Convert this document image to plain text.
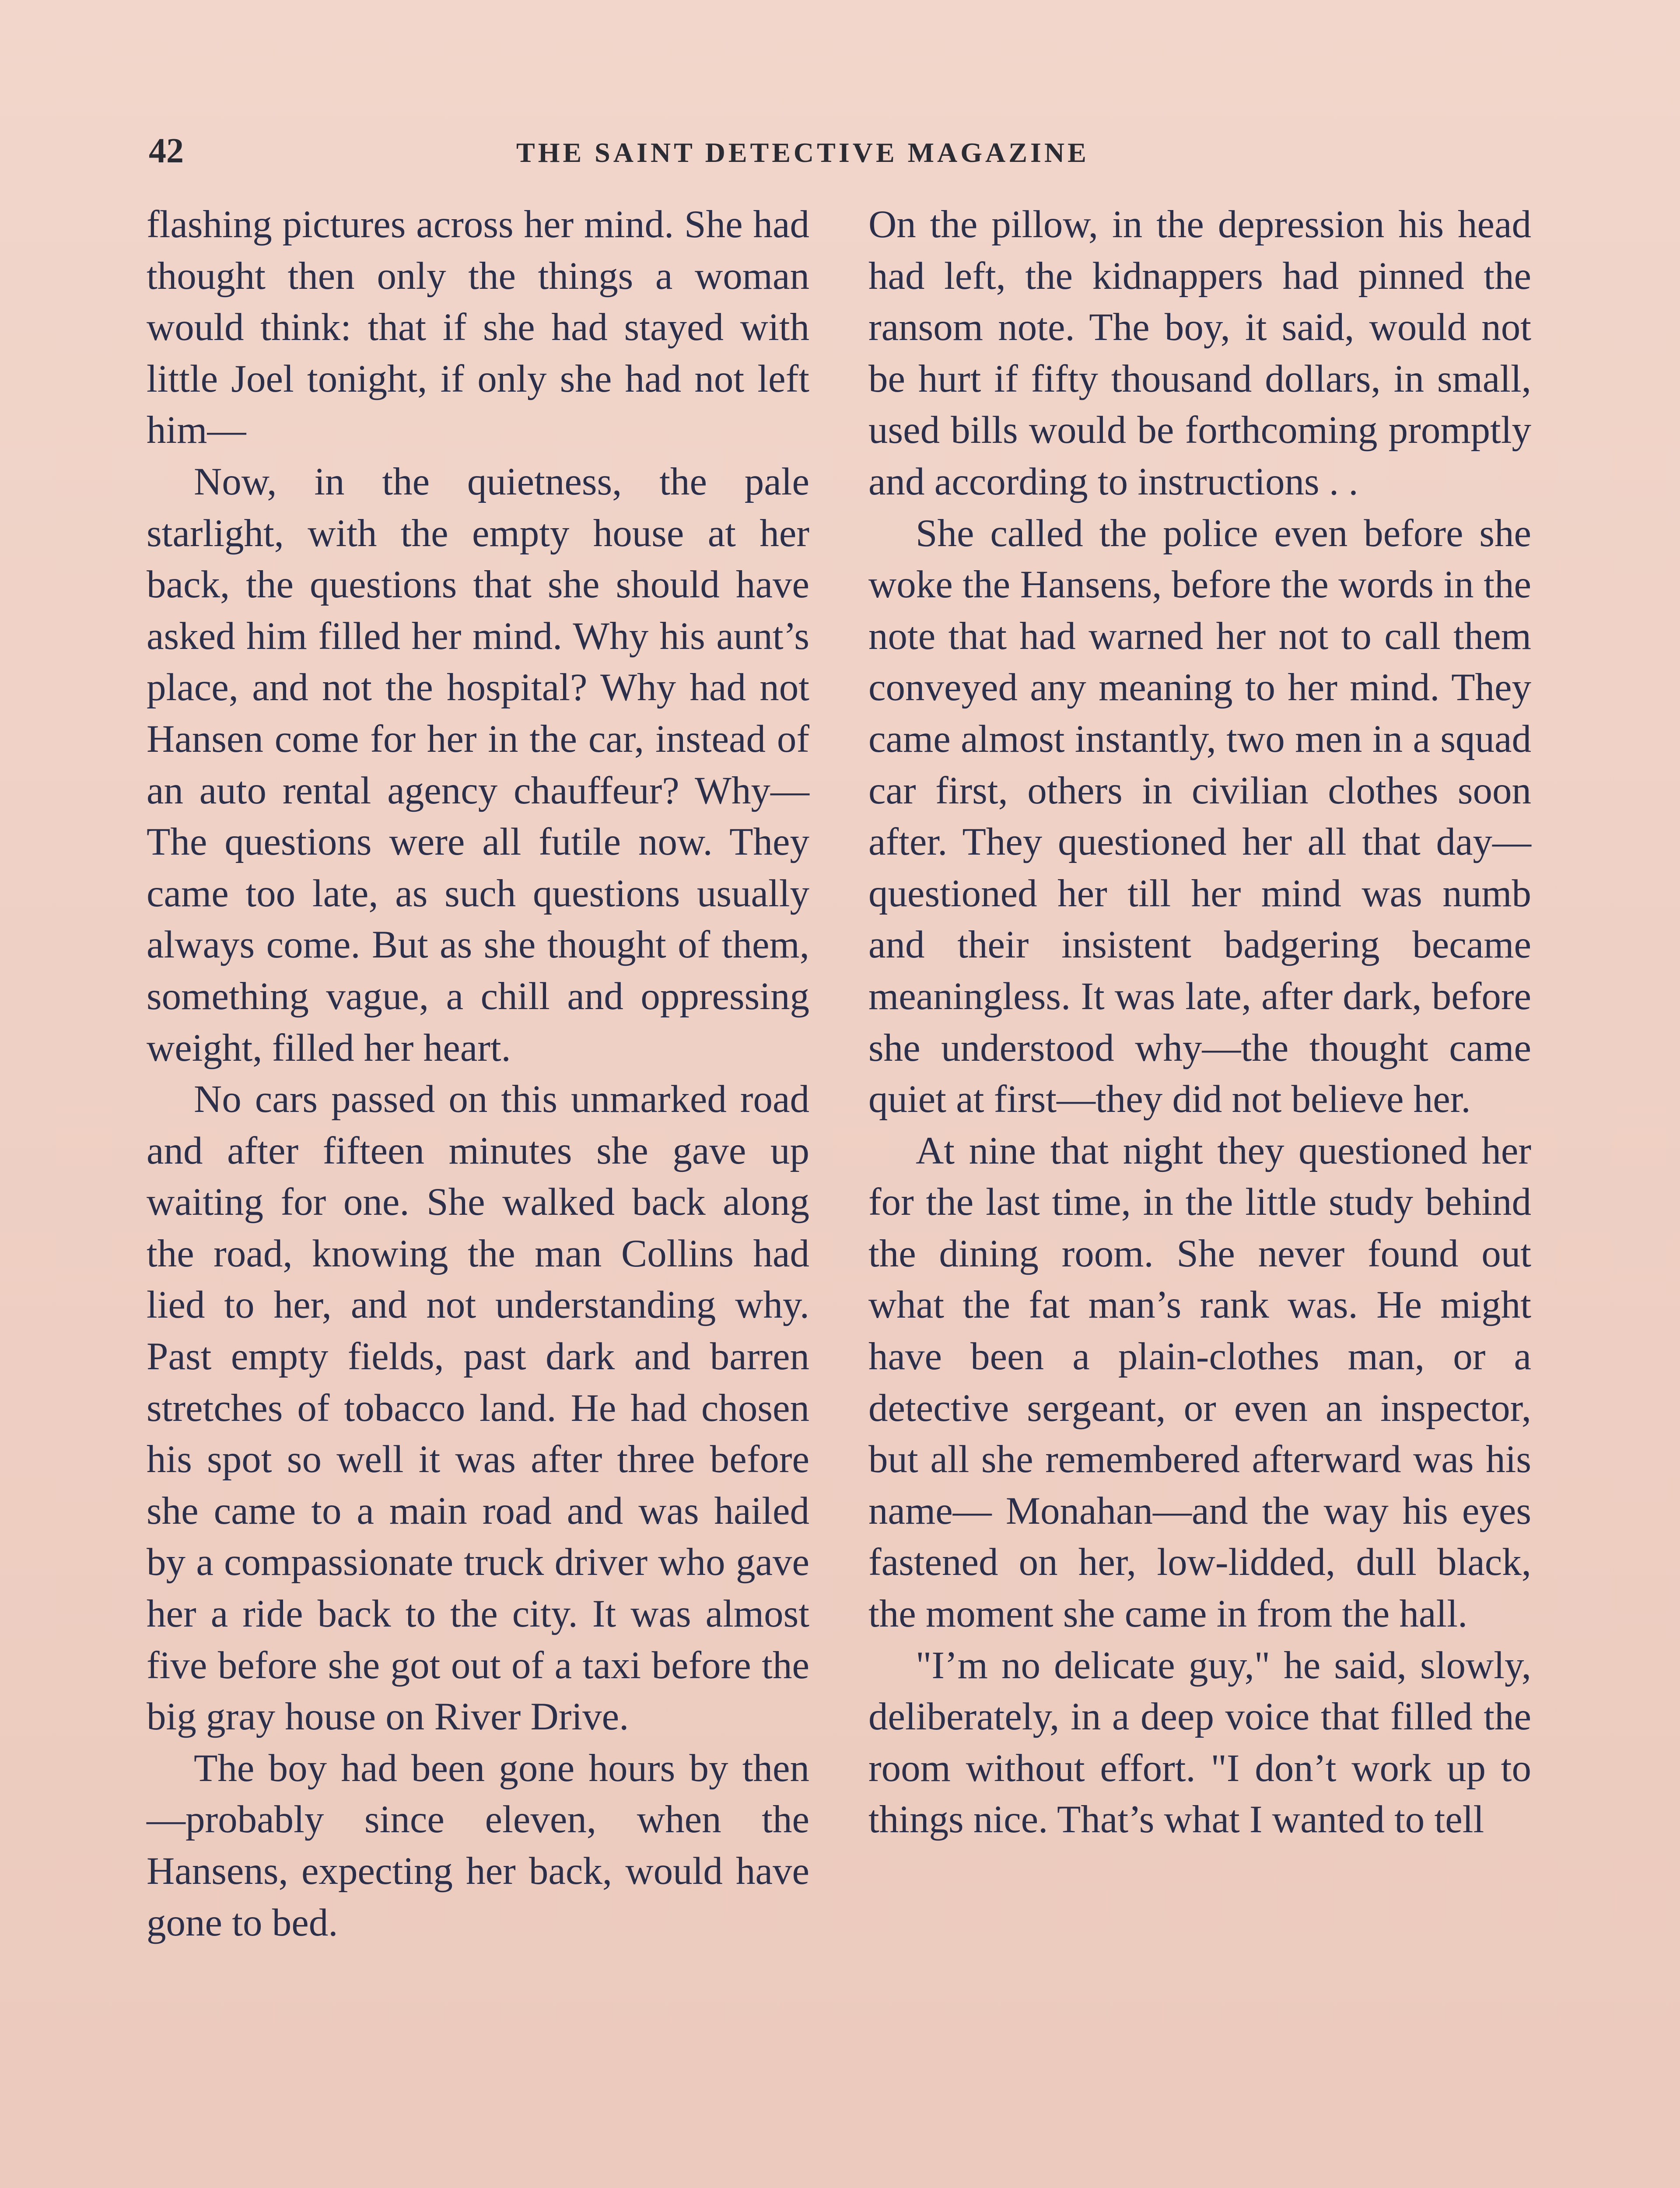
42	THE SAINT DETECTIVE MAGAZINE

flashing pictures across her mind. She had thought then only the things a woman would think: that if she had stayed with little Joel tonight, if only she had not left him—

Now, in the quietness, the pale starlight, with the empty house at her back, the questions that she should have asked him filled her mind. Why his aunt’s place, and not the hospital? Why had not Hansen come for her in the car, instead of an auto rental agency chauffeur? Why— The questions were all futile now. They came too late, as such questions usually always come. But as she thought of them, something vague, a chill and oppressing weight, filled her heart.

No cars passed on this unmarked road and after fifteen minutes she gave up waiting for one. She walked back along the road, knowing the man Collins had lied to her, and not understanding why. Past empty fields, past dark and barren stretches of tobacco land. He had chosen his spot so well it was after three before she came to a main road and was hailed by a compassionate truck driver who gave her a ride back to the city. It was almost five before she got out of a taxi before the big gray house on River Drive.

The boy had been gone hours by then—probably since eleven, when the Hansens, expecting her back, would have gone to bed.

On the pillow, in the depression his head had left, the kidnappers had pinned the ransom note. The boy, it said, would not be hurt if fifty thousand dollars, in small, used bills would be forthcoming promptly and according to instructions . .

She called the police even before she woke the Hansens, before the words in the note that had warned her not to call them conveyed any meaning to her mind. They came almost instantly, two men in a squad car first, others in civilian clothes soon after. They questioned her all that day—questioned her till her mind was numb and their insistent badgering became meaningless. It was late, after dark, before she understood why—the thought came quiet at first—they did not believe her.

At nine that night they questioned her for the last time, in the little study behind the dining room. She never found out what the fat man’s rank was. He might have been a plain-clothes man, or a detective sergeant, or even an inspector, but all she remembered afterward was his name— Monahan—and the way his eyes fastened on her, low-lidded, dull black, the moment she came in from the hall.

"I’m no delicate guy," he said, slowly, deliberately, in a deep voice that filled the room without effort. "I don’t work up to things nice. That’s what I wanted to tell
